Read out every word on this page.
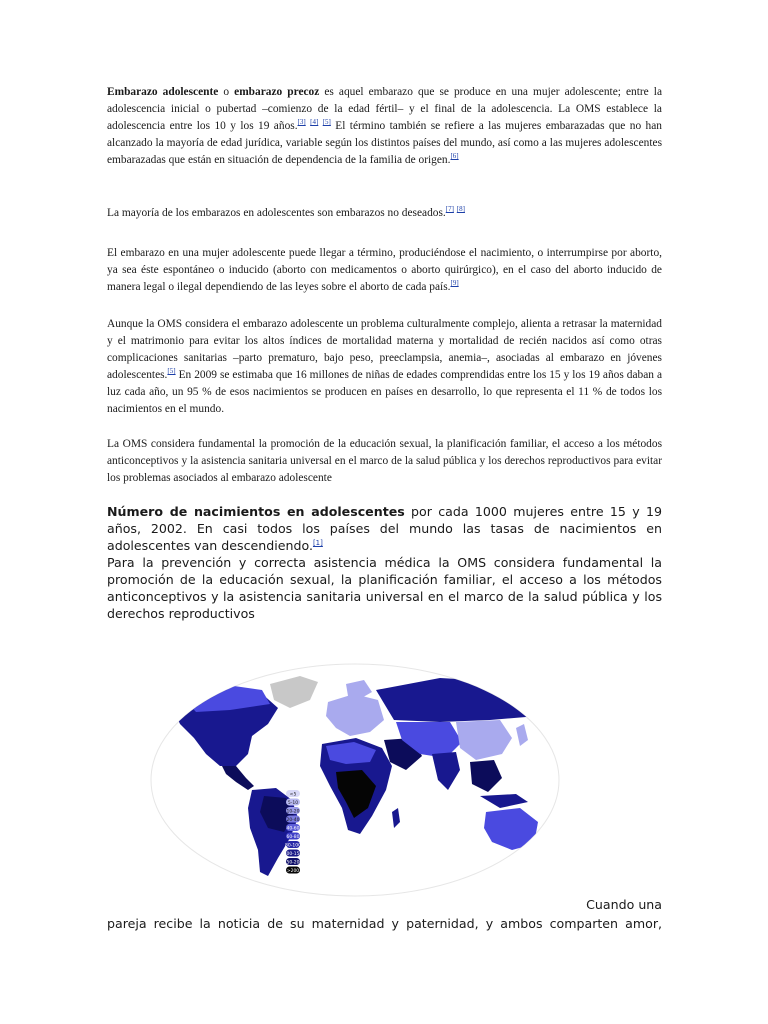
Embarazo adolescente o embarazo precoz es aquel embarazo que se produce en una mujer adolescente; entre la adolescencia inicial o pubertad –comienzo de la edad fértil– y el final de la adolescencia. La OMS establece la adolescencia entre los 10 y los 19 años.[3] [4] [5] El término también se refiere a las mujeres embarazadas que no han alcanzado la mayoría de edad jurídica, variable según los distintos países del mundo, así como a las mujeres adolescentes embarazadas que están en situación de dependencia de la familia de origen.[6]

La mayoría de los embarazos en adolescentes son embarazos no deseados.[7] [8]

El embarazo en una mujer adolescente puede llegar a término, produciéndose el nacimiento, o interrumpirse por aborto, ya sea éste espontáneo o inducido (aborto con medicamentos o aborto quirúrgico), en el caso del aborto inducido de manera legal o ilegal dependiendo de las leyes sobre el aborto de cada país.[9]

Aunque la OMS considera el embarazo adolescente un problema culturalmente complejo, alienta a retrasar la maternidad y el matrimonio para evitar los altos índices de mortalidad materna y mortalidad de recién nacidos así como otras complicaciones sanitarias –parto prematuro, bajo peso, preeclampsia, anemia–, asociadas al embarazo en jóvenes adolescentes.[5] En 2009 se estimaba que 16 millones de niñas de edades comprendidas entre los 15 y los 19 años daban a luz cada año, un 95 % de esos nacimientos se producen en países en desarrollo, lo que representa el 11 % de todos los nacimientos en el mundo.

La OMS considera fundamental la promoción de la educación sexual, la planificación familiar, el acceso a los métodos anticonceptivos y la asistencia sanitaria universal en el marco de la salud pública y los derechos reproductivos para evitar los problemas asociados al embarazo adolescente

Número de nacimientos en adolescentes por cada 1000 mujeres entre 15 y 19 años, 2002. En casi todos los países del mundo las tasas de nacimientos en adolescentes van descendiendo.[1]
Para la prevención y correcta asistencia médica la OMS considera fundamental la promoción de la educación sexual, la planificación familiar, el acceso a los métodos anticonceptivos y la asistencia sanitaria universal en el marco de la salud pública y los derechos reproductivos

<5
5-10
10-20
20-40
40-60
60-80
80-100
100-150
150-200
>200
Cuando una
pareja recibe la noticia de su maternidad y paternidad, y ambos comparten amor,
